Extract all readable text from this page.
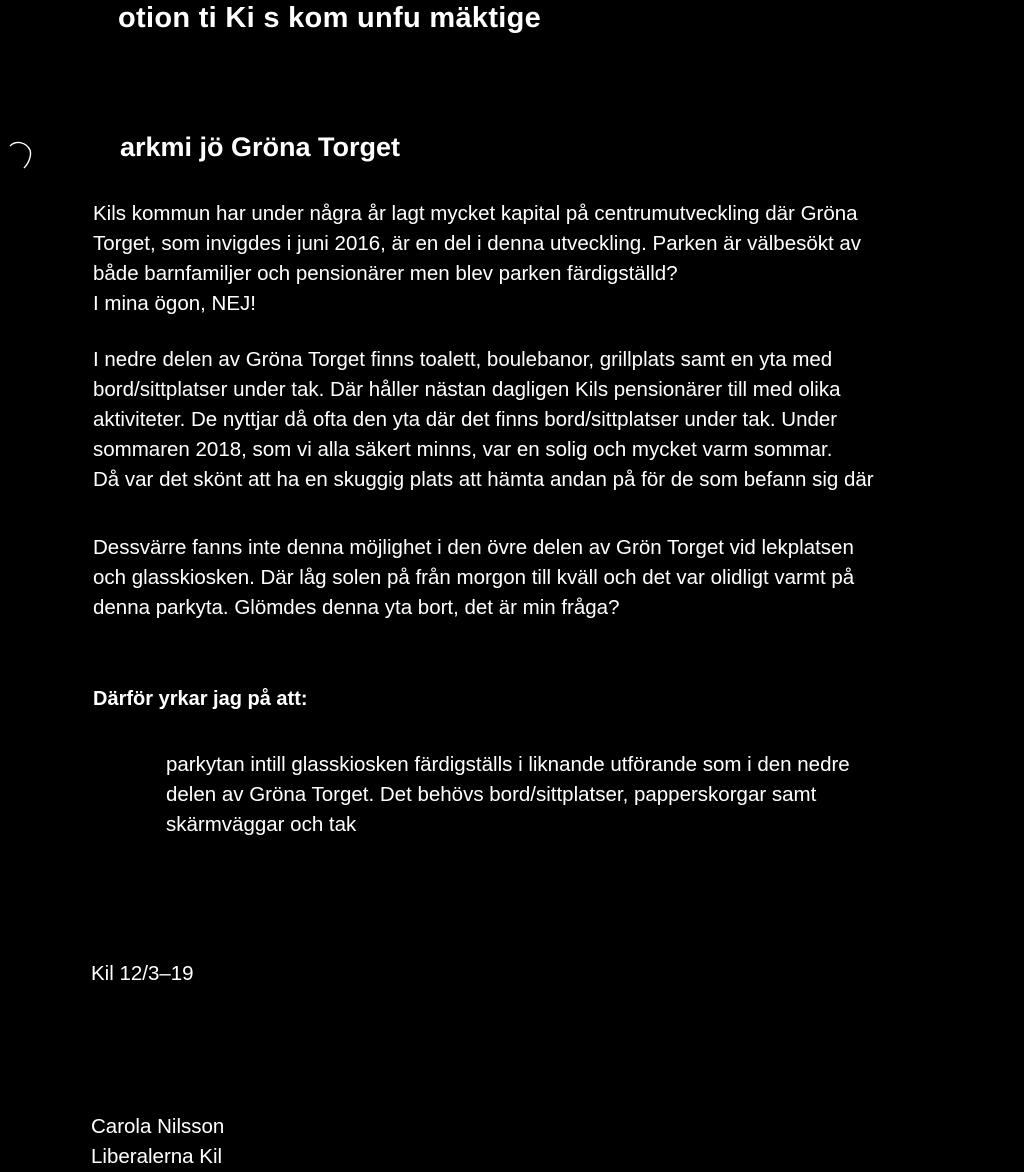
otion ti Ki s kom unfu mäktige
arkmi jö Gröna Torget
Kils kommun har under några år lagt mycket kapital på centrumutveckling där Gröna
Torget, som invigdes i juni 2016, är en del i denna utveckling. Parken är välbesökt av
både barnfamiljer och pensionärer men blev parken färdigställd?
I mina ögon, NEJ!
I nedre delen av Gröna Torget finns toalett, boulebanor, grillplats samt en yta med
bord/sittplatser under tak. Där håller nästan dagligen Kils pensionärer till med olika
aktiviteter. De nyttjar då ofta den yta där det finns bord/sittplatser under tak. Under
sommaren 2018, som vi alla säkert minns, var en solig och mycket varm sommar.
Då var det skönt att ha en skuggig plats att hämta andan på för de som befann sig där
Dessvärre fanns inte denna möjlighet i den övre delen av Grön Torget vid lekplatsen
och glasskiosken. Där låg solen på från morgon till kväll och det var olidligt varmt på
denna parkyta. Glömdes denna yta bort, det är min fråga?
Därför yrkar jag på att:
parkytan intill glasskiosken färdigställs i liknande utförande som i den nedre
delen av Gröna Torget. Det behövs bord/sittplatser, papperskorgar samt
skärmväggar och tak
Kil 12/3–19
Carola Nilsson
Liberalerna Kil
